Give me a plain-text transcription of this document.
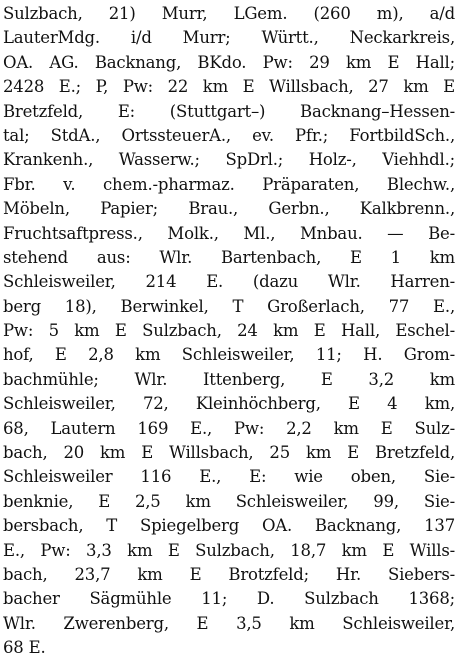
Sulzbach, 21) Murr, LGem. (260 m), a/d
LauterMdg. i/d Murr; Württ., Neckarkreis,
OA. AG. Backnang, BKdo. Pw: 29 km E Hall;
2428 E.; P, Pw: 22 km E Willsbach, 27 km E
Bretzfeld, E: (Stuttgart–) Backnang–Hessen-
tal; StdA., OrtssteuerA., ev. Pfr.; FortbildSch.,
Krankenh., Wasserw.; SpDrl.; Holz-, Viehhdl.;
Fbr. v. chem.-pharmaz. Präparaten, Blechw.,
Möbeln, Papier; Brau., Gerbn., Kalkbrenn.,
Fruchtsaftpress., Molk., Ml., Mnbau. — Be-
stehend aus: Wlr. Bartenbach, E 1 km
Schleisweiler, 214 E. (dazu Wlr. Harren-
berg 18), Berwinkel, T Großerlach, 77 E.,
Pw: 5 km E Sulzbach, 24 km E Hall, Eschel-
hof, E 2,8 km Schleisweiler, 11; H. Grom-
bachmühle; Wlr. Ittenberg, E 3,2 km
Schleisweiler, 72, Kleinhöchberg, E 4 km,
68, Lautern 169 E., Pw: 2,2 km E Sulz-
bach, 20 km E Willsbach, 25 km E Bretzfeld,
Schleisweiler 116 E., E: wie oben, Sie-
benknie, E 2,5 km Schleisweiler, 99, Sie-
bersbach, T Spiegelberg OA. Backnang, 137
E., Pw: 3,3 km E Sulzbach, 18,7 km E Wills-
bach, 23,7 km E Brotzfeld; Hr. Siebers-
bacher Sägmühle 11; D. Sulzbach 1368;
Wlr. Zwerenberg, E 3,5 km Schleisweiler,
68 E.
